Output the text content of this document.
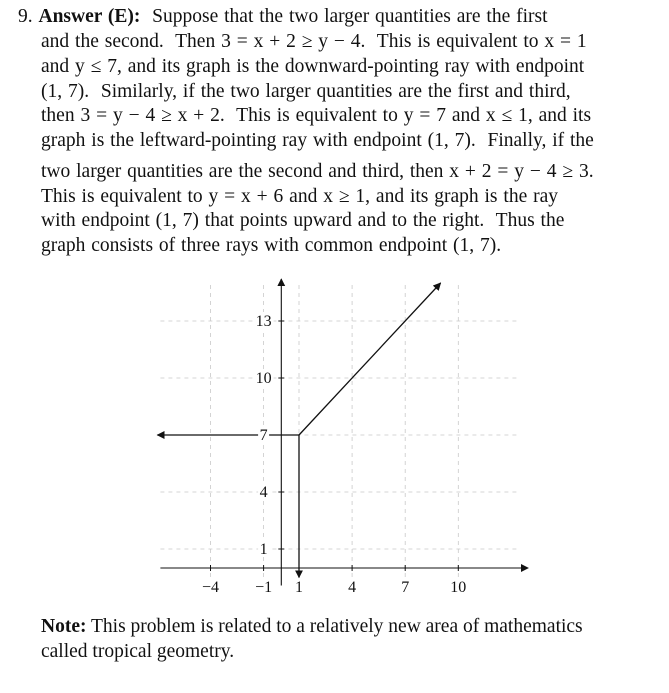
9. Answer (E): Suppose that the two larger quantities are the first
and the second.  Then 3 = x + 2 ≥ y − 4.  This is equivalent to x = 1
and y ≤ 7, and its graph is the downward-pointing ray with endpoint
(1, 7).  Similarly, if the two larger quantities are the first and third,
then 3 = y − 4 ≥ x + 2.  This is equivalent to y = 7 and x ≤ 1, and its
graph is the leftward-pointing ray with endpoint (1, 7).  Finally, if the
two larger quantities are the second and third, then x + 2 = y − 4 ≥ 3.
This is equivalent to y = x + 6 and x ≥ 1, and its graph is the ray
with endpoint (1, 7) that points upward and to the right.  Thus the
graph consists of three rays with common endpoint (1, 7).
−4 −1 1	4	7	10
1
4
7
10
13
Note: This problem is related to a relatively new area of mathematics
called tropical geometry.
